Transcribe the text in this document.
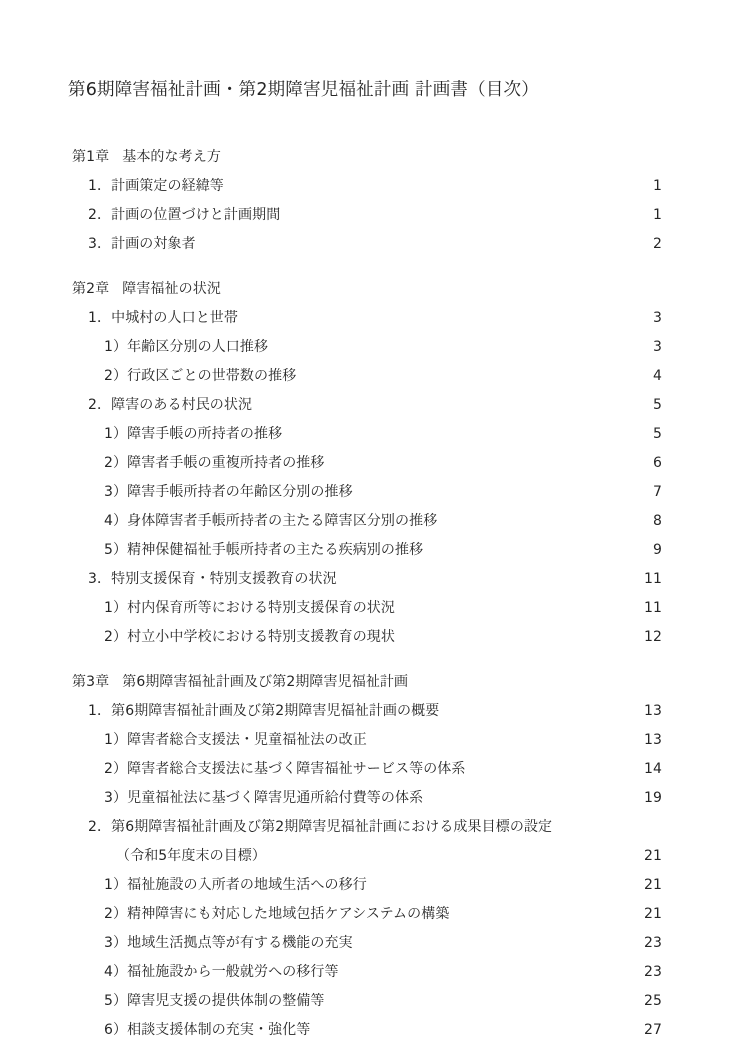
第6期障害福祉計画・第2期障害児福祉計画 計画書（目次）
第1章 基本的な考え方
1．計画策定の経緯等	1
2．計画の位置づけと計画期間	1
3．計画の対象者	2
第2章 障害福祉の状況
1．中城村の人口と世帯	3
1）年齢区分別の人口推移	3
2）行政区ごとの世帯数の推移	4
2．障害のある村民の状況	5
1）障害手帳の所持者の推移	5
2）障害者手帳の重複所持者の推移	6
3）障害手帳所持者の年齢区分別の推移	7
4）身体障害者手帳所持者の主たる障害区分別の推移	8
5）精神保健福祉手帳所持者の主たる疾病別の推移	9
3．特別支援保育・特別支援教育の状況	11
1）村内保育所等における特別支援保育の状況	11
2）村立小中学校における特別支援教育の現状	12
第3章 第6期障害福祉計画及び第2期障害児福祉計画
1．第6期障害福祉計画及び第2期障害児福祉計画の概要	13
1）障害者総合支援法・児童福祉法の改正	13
2）障害者総合支援法に基づく障害福祉サービス等の体系	14
3）児童福祉法に基づく障害児通所給付費等の体系	19
2．第6期障害福祉計画及び第2期障害児福祉計画における成果目標の設定
（令和5年度末の目標）	21
1）福祉施設の入所者の地域生活への移行	21
2）精神障害にも対応した地域包括ケアシステムの構築	21
3）地域生活拠点等が有する機能の充実	23
4）福祉施設から一般就労への移行等	23
5）障害児支援の提供体制の整備等	25
6）相談支援体制の充実・強化等	27
